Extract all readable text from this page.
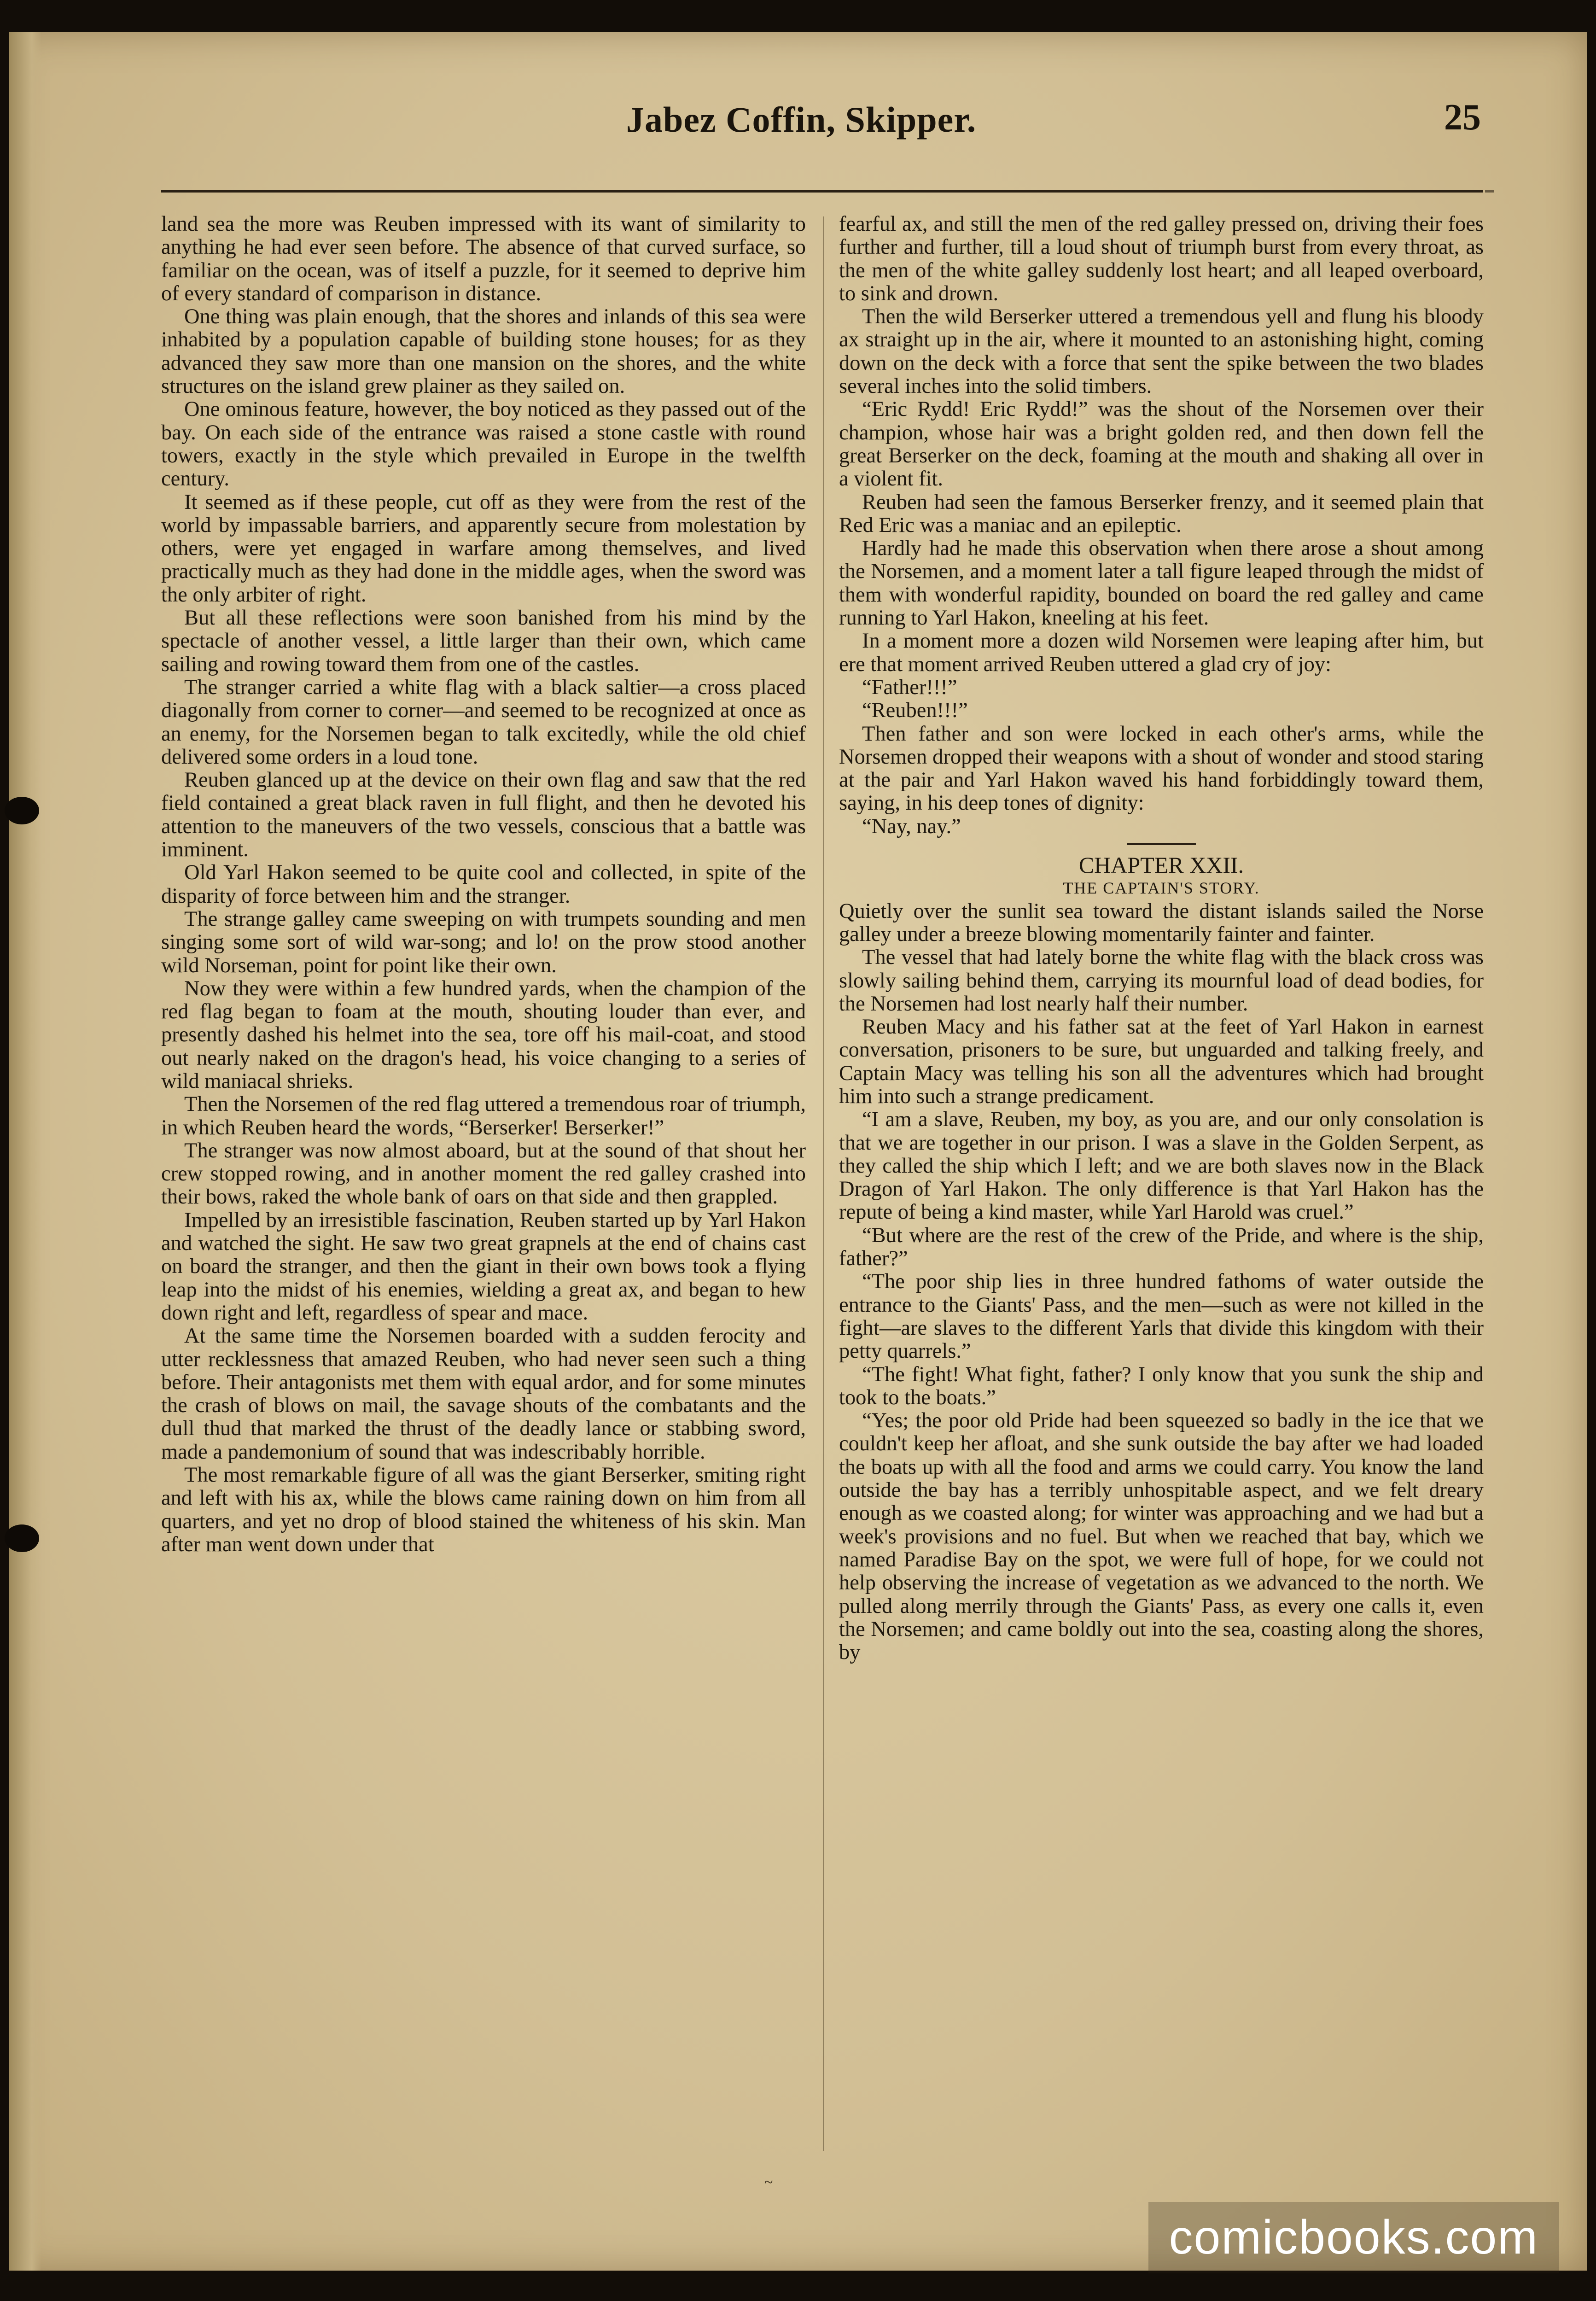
Jabez Coffin, Skipper.	25

land sea the more was Reuben impressed with its want of similarity to anything he had ever seen before. The absence of that curved surface, so familiar on the ocean, was of itself a puzzle, for it seemed to deprive him of every standard of comparison in distance.

One thing was plain enough, that the shores and inlands of this sea were inhabited by a population capable of building stone houses; for as they advanced they saw more than one mansion on the shores, and the white structures on the island grew plainer as they sailed on.

One ominous feature, however, the boy noticed as they passed out of the bay. On each side of the entrance was raised a stone castle with round towers, exactly in the style which prevailed in Europe in the twelfth century.

It seemed as if these people, cut off as they were from the rest of the world by impassable barriers, and apparently secure from molestation by others, were yet engaged in warfare among themselves, and lived practically much as they had done in the middle ages, when the sword was the only arbiter of right.

But all these reflections were soon banished from his mind by the spectacle of another vessel, a little larger than their own, which came sailing and rowing toward them from one of the castles.

The stranger carried a white flag with a black saltier—a cross placed diagonally from corner to corner—and seemed to be recognized at once as an enemy, for the Norsemen began to talk excitedly, while the old chief delivered some orders in a loud tone.

Reuben glanced up at the device on their own flag and saw that the red field contained a great black raven in full flight, and then he devoted his attention to the maneuvers of the two vessels, conscious that a battle was imminent.

Old Yarl Hakon seemed to be quite cool and collected, in spite of the disparity of force between him and the stranger.

The strange galley came sweeping on with trumpets sounding and men singing some sort of wild war-song; and lo! on the prow stood another wild Norseman, point for point like their own.

Now they were within a few hundred yards, when the champion of the red flag began to foam at the mouth, shouting louder than ever, and presently dashed his helmet into the sea, tore off his mail-coat, and stood out nearly naked on the dragon's head, his voice changing to a series of wild maniacal shrieks.

Then the Norsemen of the red flag uttered a tremendous roar of triumph, in which Reuben heard the words, “Berserker! Berserker!”

The stranger was now almost aboard, but at the sound of that shout her crew stopped rowing, and in another moment the red galley crashed into their bows, raked the whole bank of oars on that side and then grappled.

Impelled by an irresistible fascination, Reuben started up by Yarl Hakon and watched the sight. He saw two great grapnels at the end of chains cast on board the stranger, and then the giant in their own bows took a flying leap into the midst of his enemies, wielding a great ax, and began to hew down right and left, regardless of spear and mace.

At the same time the Norsemen boarded with a sudden ferocity and utter recklessness that amazed Reuben, who had never seen such a thing before. Their antagonists met them with equal ardor, and for some minutes the crash of blows on mail, the savage shouts of the combatants and the dull thud that marked the thrust of the deadly lance or stabbing sword, made a pandemonium of sound that was indescribably horrible.

The most remarkable figure of all was the giant Berserker, smiting right and left with his ax, while the blows came raining down on him from all quarters, and yet no drop of blood stained the whiteness of his skin. Man after man went down under that

fearful ax, and still the men of the red galley pressed on, driving their foes further and further, till a loud shout of triumph burst from every throat, as the men of the white galley suddenly lost heart; and all leaped overboard, to sink and drown.

Then the wild Berserker uttered a tremendous yell and flung his bloody ax straight up in the air, where it mounted to an astonishing hight, coming down on the deck with a force that sent the spike between the two blades several inches into the solid timbers.

“Eric Rydd! Eric Rydd!” was the shout of the Norsemen over their champion, whose hair was a bright golden red, and then down fell the great Berserker on the deck, foaming at the mouth and shaking all over in a violent fit.

Reuben had seen the famous Berserker frenzy, and it seemed plain that Red Eric was a maniac and an epileptic.

Hardly had he made this observation when there arose a shout among the Norsemen, and a moment later a tall figure leaped through the midst of them with wonderful rapidity, bounded on board the red galley and came running to Yarl Hakon, kneeling at his feet.

In a moment more a dozen wild Norsemen were leaping after him, but ere that moment arrived Reuben uttered a glad cry of joy:

“Father!!!”

“Reuben!!!”

Then father and son were locked in each other's arms, while the Norsemen dropped their weapons with a shout of wonder and stood staring at the pair and Yarl Hakon waved his hand forbiddingly toward them, saying, in his deep tones of dignity:

“Nay, nay.”

CHAPTER XXII.

THE CAPTAIN'S STORY.

Quietly over the sunlit sea toward the distant islands sailed the Norse galley under a breeze blowing momentarily fainter and fainter.

The vessel that had lately borne the white flag with the black cross was slowly sailing behind them, carrying its mournful load of dead bodies, for the Norsemen had lost nearly half their number.

Reuben Macy and his father sat at the feet of Yarl Hakon in earnest conversation, prisoners to be sure, but unguarded and talking freely, and Captain Macy was telling his son all the adventures which had brought him into such a strange predicament.

“I am a slave, Reuben, my boy, as you are, and our only consolation is that we are together in our prison. I was a slave in the Golden Serpent, as they called the ship which I left; and we are both slaves now in the Black Dragon of Yarl Hakon. The only difference is that Yarl Hakon has the repute of being a kind master, while Yarl Harold was cruel.”

“But where are the rest of the crew of the Pride, and where is the ship, father?”

“The poor ship lies in three hundred fathoms of water outside the entrance to the Giants' Pass, and the men—such as were not killed in the fight—are slaves to the different Yarls that divide this kingdom with their petty quarrels.”

“The fight! What fight, father? I only know that you sunk the ship and took to the boats.”

“Yes; the poor old Pride had been squeezed so badly in the ice that we couldn't keep her afloat, and she sunk outside the bay after we had loaded the boats up with all the food and arms we could carry. You know the land outside the bay has a terribly unhospitable aspect, and we felt dreary enough as we coasted along; for winter was approaching and we had but a week's provisions and no fuel. But when we reached that bay, which we named Paradise Bay on the spot, we were full of hope, for we could not help observing the increase of vegetation as we advanced to the north. We pulled along merrily through the Giants' Pass, as every one calls it, even the Norsemen; and came boldly out into the sea, coasting along the shores, by

~
comicbooks.com
